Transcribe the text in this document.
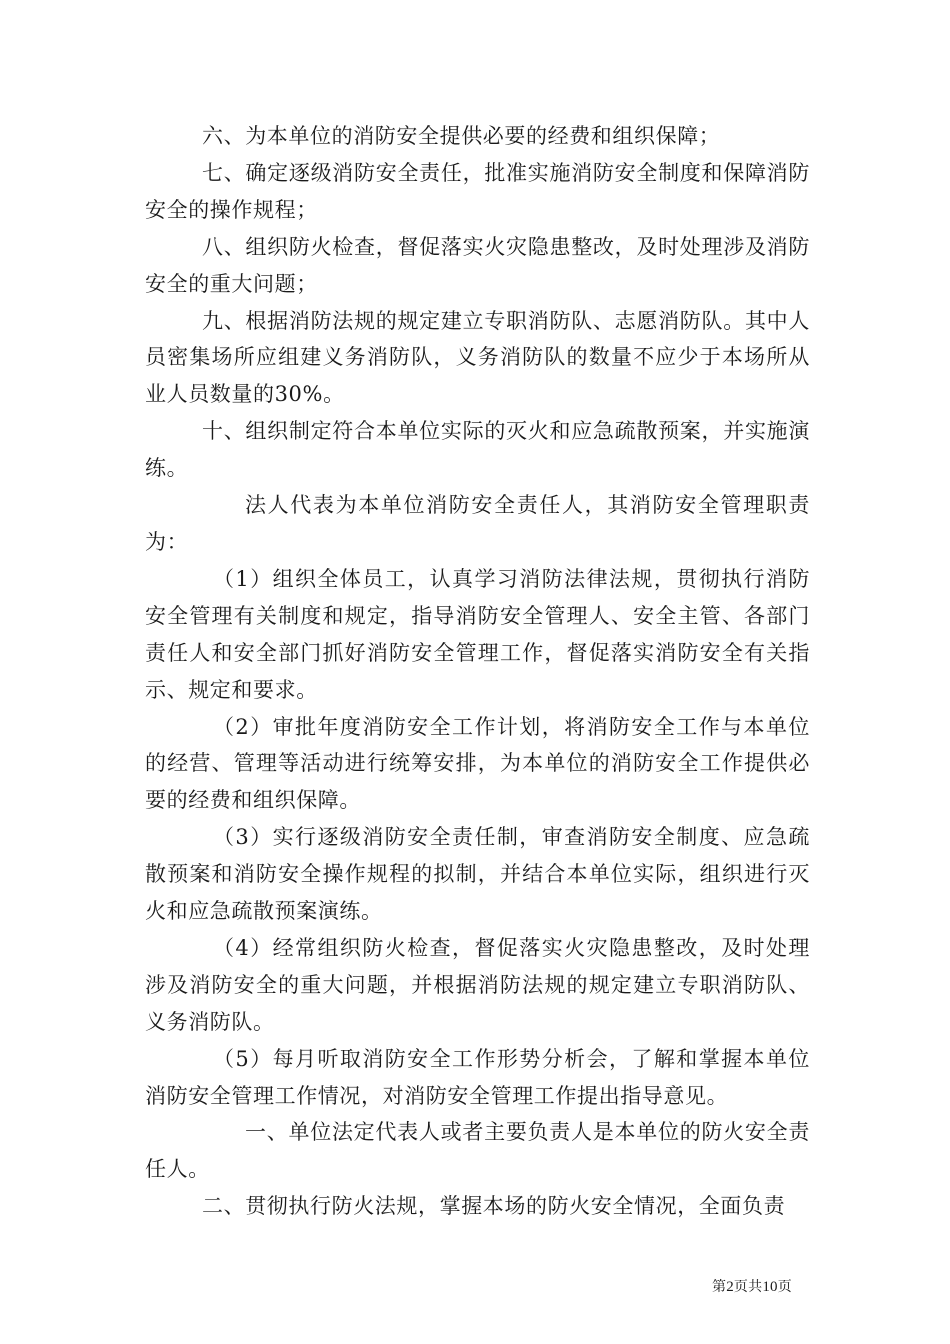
六、为本单位的消防安全提供必要的经费和组织保障；

七、确定逐级消防安全责任，批准实施消防安全制度和保障消防安全的操作规程；

八、组织防火检查，督促落实火灾隐患整改，及时处理涉及消防安全的重大问题；

九、根据消防法规的规定建立专职消防队、志愿消防队。其中人员密集场所应组建义务消防队，义务消防队的数量不应少于本场所从业人员数量的30%。

十、组织制定符合本单位实际的灭火和应急疏散预案，并实施演练。

法人代表为本单位消防安全责任人，其消防安全管理职责为：

（1）组织全体员工，认真学习消防法律法规，贯彻执行消防安全管理有关制度和规定，指导消防安全管理人、安全主管、各部门责任人和安全部门抓好消防安全管理工作，督促落实消防安全有关指示、规定和要求。

（2）审批年度消防安全工作计划，将消防安全工作与本单位的经营、管理等活动进行统筹安排，为本单位的消防安全工作提供必要的经费和组织保障。

（3）实行逐级消防安全责任制，审查消防安全制度、应急疏散预案和消防安全操作规程的拟制，并结合本单位实际，组织进行灭火和应急疏散预案演练。

（4）经常组织防火检查，督促落实火灾隐患整改，及时处理涉及消防安全的重大问题，并根据消防法规的规定建立专职消防队、义务消防队。

（5）每月听取消防安全工作形势分析会，了解和掌握本单位消防安全管理工作情况，对消防安全管理工作提出指导意见。

一、单位法定代表人或者主要负责人是本单位的防火安全责任人。

二、贯彻执行防火法规，掌握本场的防火安全情况，全面负责

第2页共10页
